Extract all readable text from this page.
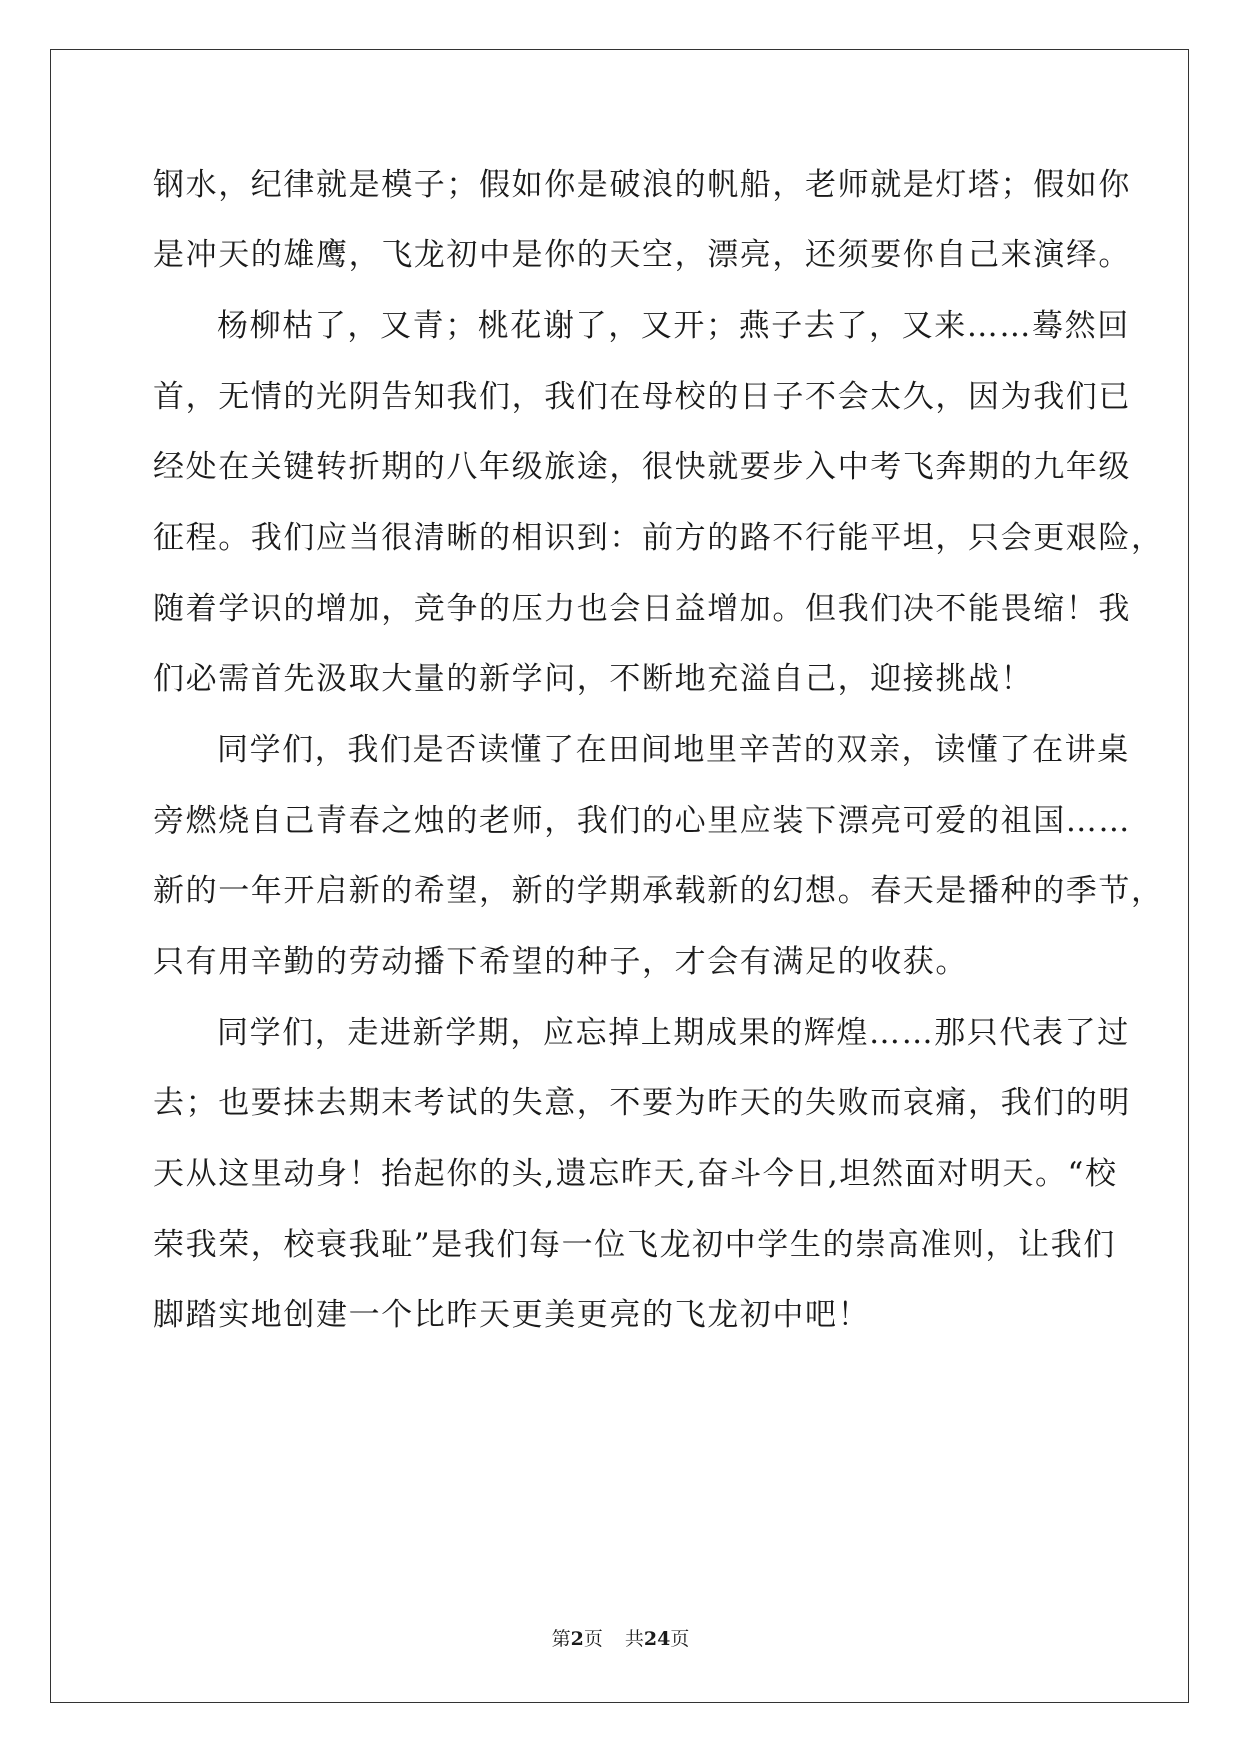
钢水，纪律就是模子；假如你是破浪的帆船，老师就是灯塔；假如你
是冲天的雄鹰，飞龙初中是你的天空，漂亮，还须要你自己来演绎。
杨柳枯了，又青；桃花谢了，又开；燕子去了，又来……蓦然回
首，无情的光阴告知我们，我们在母校的日子不会太久，因为我们已
经处在关键转折期的八年级旅途，很快就要步入中考飞奔期的九年级
征程。我们应当很清晰的相识到：前方的路不行能平坦，只会更艰险，
随着学识的增加，竞争的压力也会日益增加。但我们决不能畏缩！我
们必需首先汲取大量的新学问，不断地充溢自己，迎接挑战！
同学们，我们是否读懂了在田间地里辛苦的双亲，读懂了在讲桌
旁燃烧自己青春之烛的老师，我们的心里应装下漂亮可爱的祖国……
新的一年开启新的希望，新的学期承载新的幻想。春天是播种的季节，
只有用辛勤的劳动播下希望的种子，才会有满足的收获。
同学们，走进新学期，应忘掉上期成果的辉煌……那只代表了过
去；也要抹去期末考试的失意，不要为昨天的失败而哀痛，我们的明
天从这里动身！抬起你的头,遗忘昨天,奋斗今日,坦然面对明天。“校
荣我荣，校衰我耻”是我们每一位飞龙初中学生的崇高准则，让我们
脚踏实地创建一个比昨天更美更亮的飞龙初中吧！
第2页 共24页
